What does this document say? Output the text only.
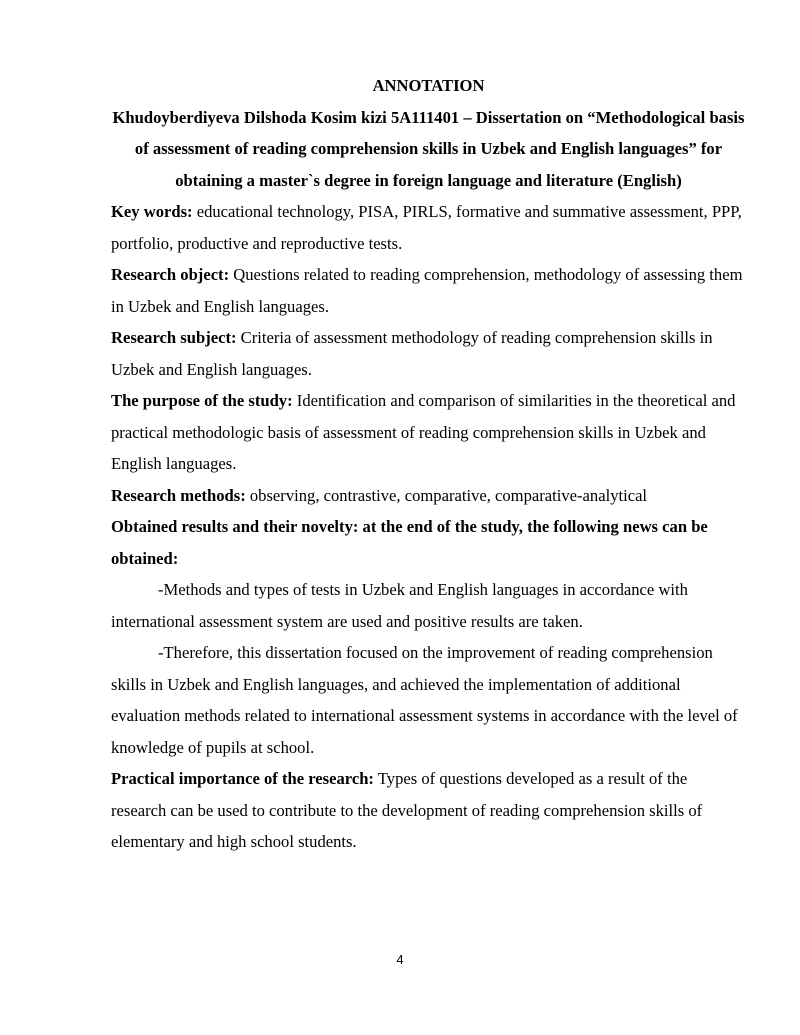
ANNOTATION
Khudoyberdiyeva Dilshoda Kosim kizi 5A111401 – Dissertation on “Methodological basis of assessment of reading comprehension skills in Uzbek and English languages” for obtaining a master`s degree in foreign language and literature (English)

Key words: educational technology, PISA, PIRLS, formative and summative assessment, PPP, portfolio, productive and reproductive tests.

Research object: Questions related to reading comprehension, methodology of assessing them in Uzbek and English languages.

Research subject: Criteria of assessment methodology of reading comprehension skills in Uzbek and English languages.

The purpose of the study: Identification and comparison of similarities in the theoretical and practical methodologic basis of assessment of reading comprehension skills in Uzbek and English languages.

Research methods: observing, contrastive, comparative, comparative-analytical

Obtained results and their novelty: at the end of the study, the following news can be obtained:

-Methods and types of tests in Uzbek and English languages in accordance with international assessment system are used and positive results are taken.

-Therefore, this dissertation focused on the improvement of reading comprehension skills in Uzbek and English languages, and achieved the implementation of additional evaluation methods related to international assessment systems in accordance with the level of knowledge of pupils at school.

Practical importance of the research: Types of questions developed as a result of the research can be used to contribute to the development of reading comprehension skills of elementary and high school students.

4
